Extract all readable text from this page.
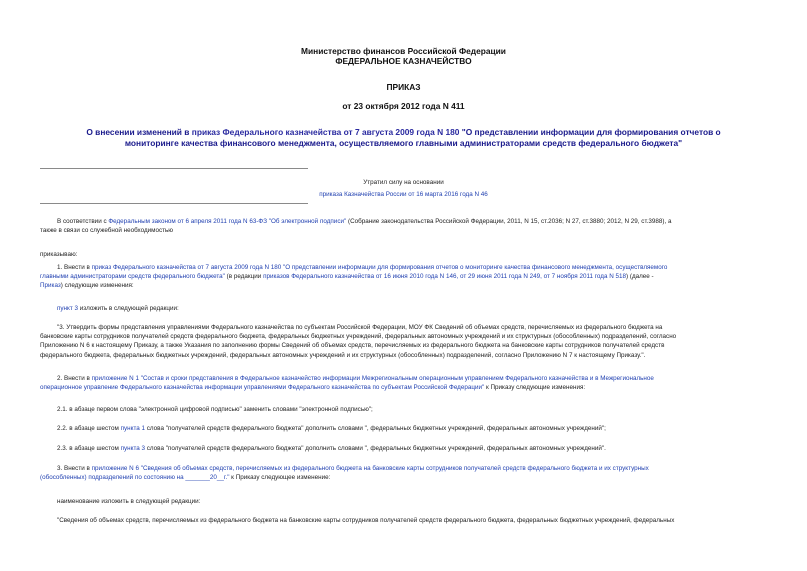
Министерство финансов Российской Федерации

ФЕДЕРАЛЬНОЕ КАЗНАЧЕЙСТВО

ПРИКАЗ

от 23 октября 2012 года N 411

О внесении изменений в приказ Федерального казначейства от 7 августа 2009 года N 180 "О представлении информации для формирования отчетов о
мониторинге качества финансового менеджмента, осуществляемого главными администраторами средств федерального бюджета"

Утратил силу на основании

приказа Казначейства России от 16 марта 2016 года N 46

В соответствии с Федеральным законом от 6 апреля 2011 года N 63-ФЗ "Об электронной подписи" (Собрание законодательства Российской Федерации, 2011, N 15, ст.2036; N 27, ст.3880; 2012, N 29, ст.3988), а
также в связи со служебной необходимостью

приказываю:

1. Внести в приказ Федерального казначейства от 7 августа 2009 года N 180 "О представлении информации для формирования отчетов о мониторинге качества финансового менеджмента, осуществляемого
главными администраторами средств федерального бюджета" (в редакции приказов Федерального казначейства от 16 июня 2010 года N 146, от 29 июня 2011 года N 249, от 7 ноября 2011 года N 518) (далее -
Приказ) следующие изменения:
пункт 3 изложить в следующей редакции:
"3. Утвердить формы представления управлениями Федерального казначейства по субъектам Российской Федерации, МОУ ФК Сведений об объемах средств, перечисляемых из федерального бюджета на
банковские карты сотрудников получателей средств федерального бюджета, федеральных бюджетных учреждений, федеральных автономных учреждений и их структурных (обособленных) подразделений, согласно
Приложению N 6 к настоящему Приказу, а также Указания по заполнению формы Сведений об объемах средств, перечисляемых из федерального бюджета на банковские карты сотрудников получателей средств
федерального бюджета, федеральных бюджетных учреждений, федеральных автономных учреждений и их структурных (обособленных) подразделений, согласно Приложению N 7 к настоящему Приказу.".
2. Внести в приложение N 1 "Состав и сроки представления в Федеральное казначейство информации Межрегиональным операционным управлением Федерального казначейства и в Межрегиональное
операционное управление Федерального казначейства информации управлениями Федерального казначейства по субъектам Российской Федерации" к Приказу следующие изменения:

2.1. в абзаце первом слова "электронной цифровой подписью" заменить словами "электронной подписью";

2.2. в абзаце шестом пункта 1 слова "получателей средств федерального бюджета" дополнить словами ", федеральных бюджетных учреждений, федеральных автономных учреждений";
2.3. в абзаце шестом пункта 3 слова "получателей средств федерального бюджета" дополнить словами ", федеральных бюджетных учреждений, федеральных автономных учреждений".
3. Внести в приложение N 6 "Сведения об объемах средств, перечисляемых из федерального бюджета на банковские карты сотрудников получателей средств федерального бюджета и их структурных
(обособленных) подразделений по состоянию на _______20__г." к Приказу следующее изменение:

наименование изложить в следующей редакции:

"Сведения об объемах средств, перечисляемых из федерального бюджета на банковские карты сотрудников получателей средств федерального бюджета, федеральных бюджетных учреждений, федеральных
